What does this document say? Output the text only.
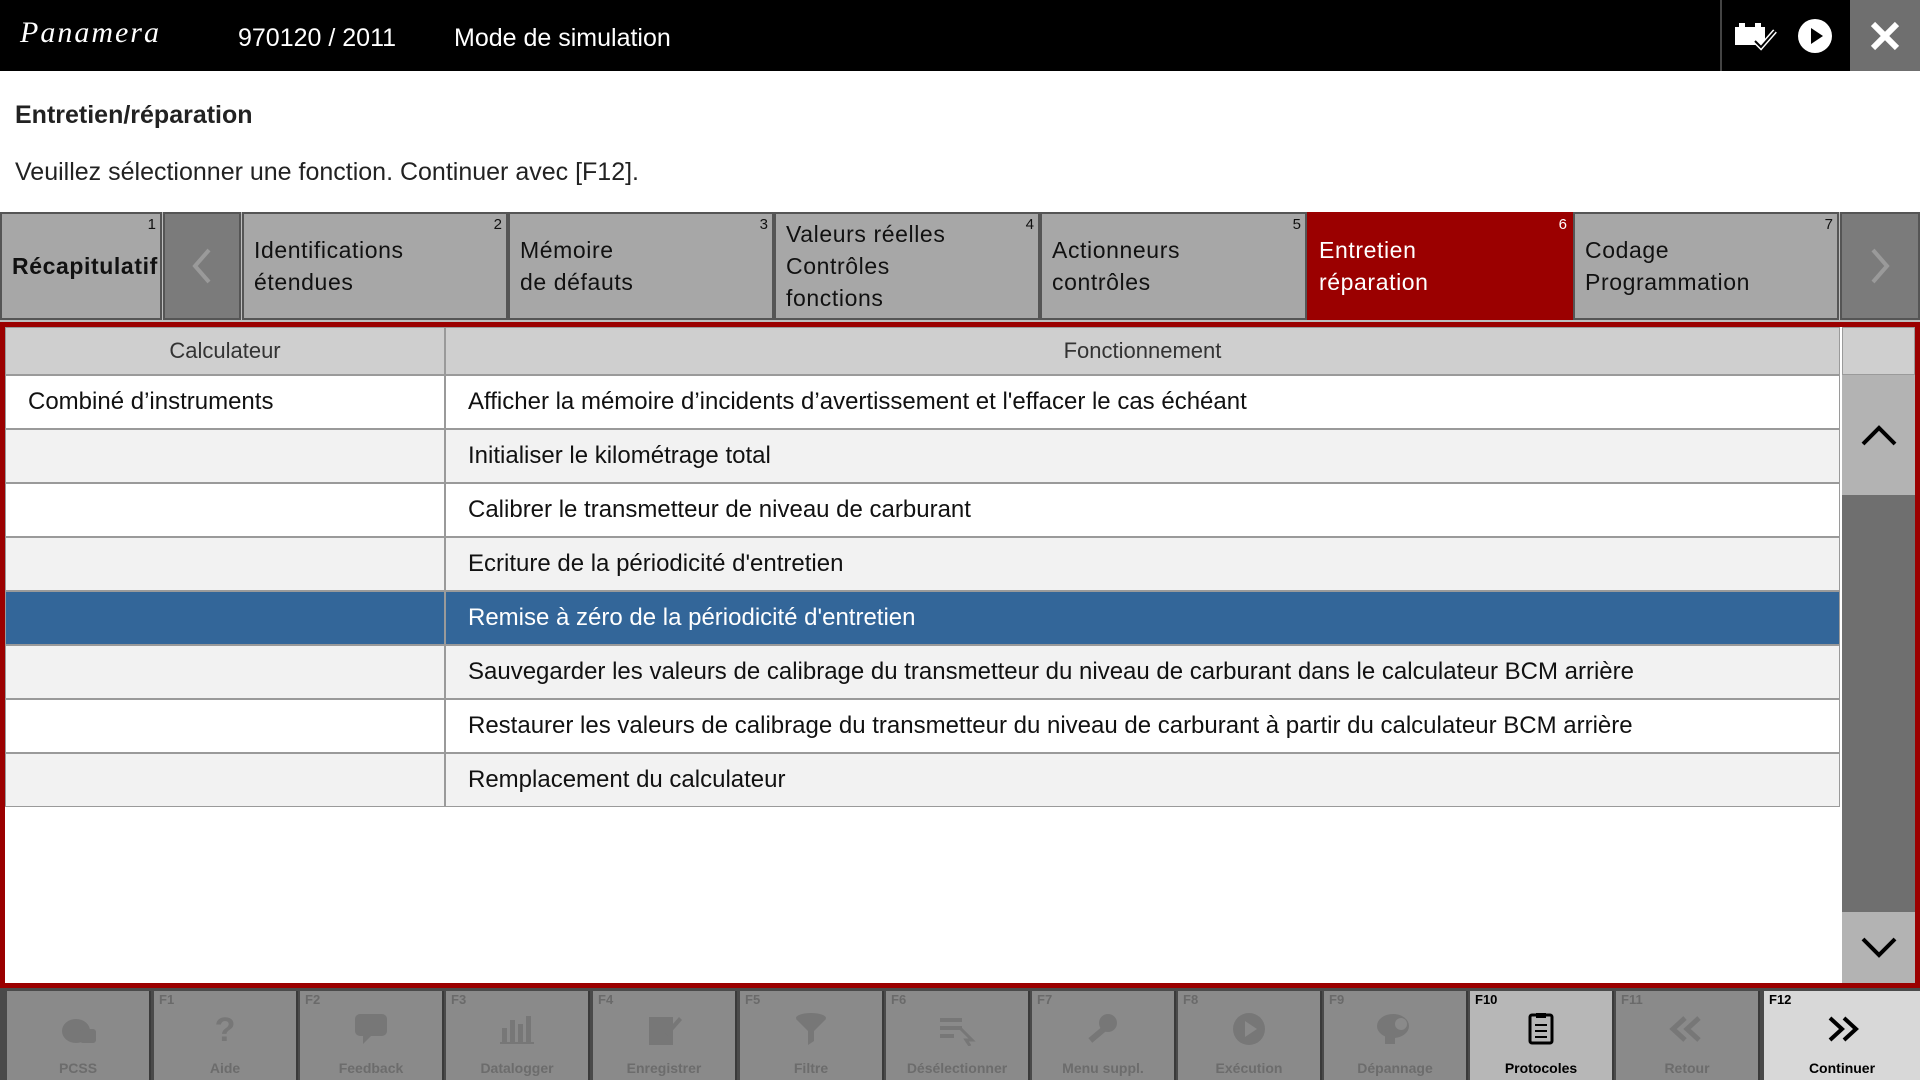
Panamera	970120 / 2011 Mode de simulation
Entretien/réparation
Veuillez sélectionner une fonction. Continuer avec [F12].
1
Récapitulatif
2
Identifications
étendues
3
Mémoire
de défauts
4
Valeurs réelles
Contrôles
fonctions
5
Actionneurs
contrôles
6
Entretien
réparation
7
Codage
Programmation
Calculateur	Fonctionnement
Combiné d’instruments	Afficher la mémoire d’incidents d’avertissement et l'effacer le cas échéant
Initialiser le kilométrage total
Calibrer le transmetteur de niveau de carburant
Ecriture de la périodicité d'entretien
Remise à zéro de la périodicité d'entretien
Sauvegarder les valeurs de calibrage du transmetteur du niveau de carburant dans le calculateur BCM arrière
Restaurer les valeurs de calibrage du transmetteur du niveau de carburant à partir du calculateur BCM arrière
Remplacement du calculateur
PCSS
F1
?
Aide
F2
Feedback
F3
Datalogger
F4
Enregistrer
F5
Filtre
F6
Désélectionner
F7
Menu suppl.
F8
Exécution
F9
Dépannage
F10
Protocoles
F11
Retour
F12
Continuer
